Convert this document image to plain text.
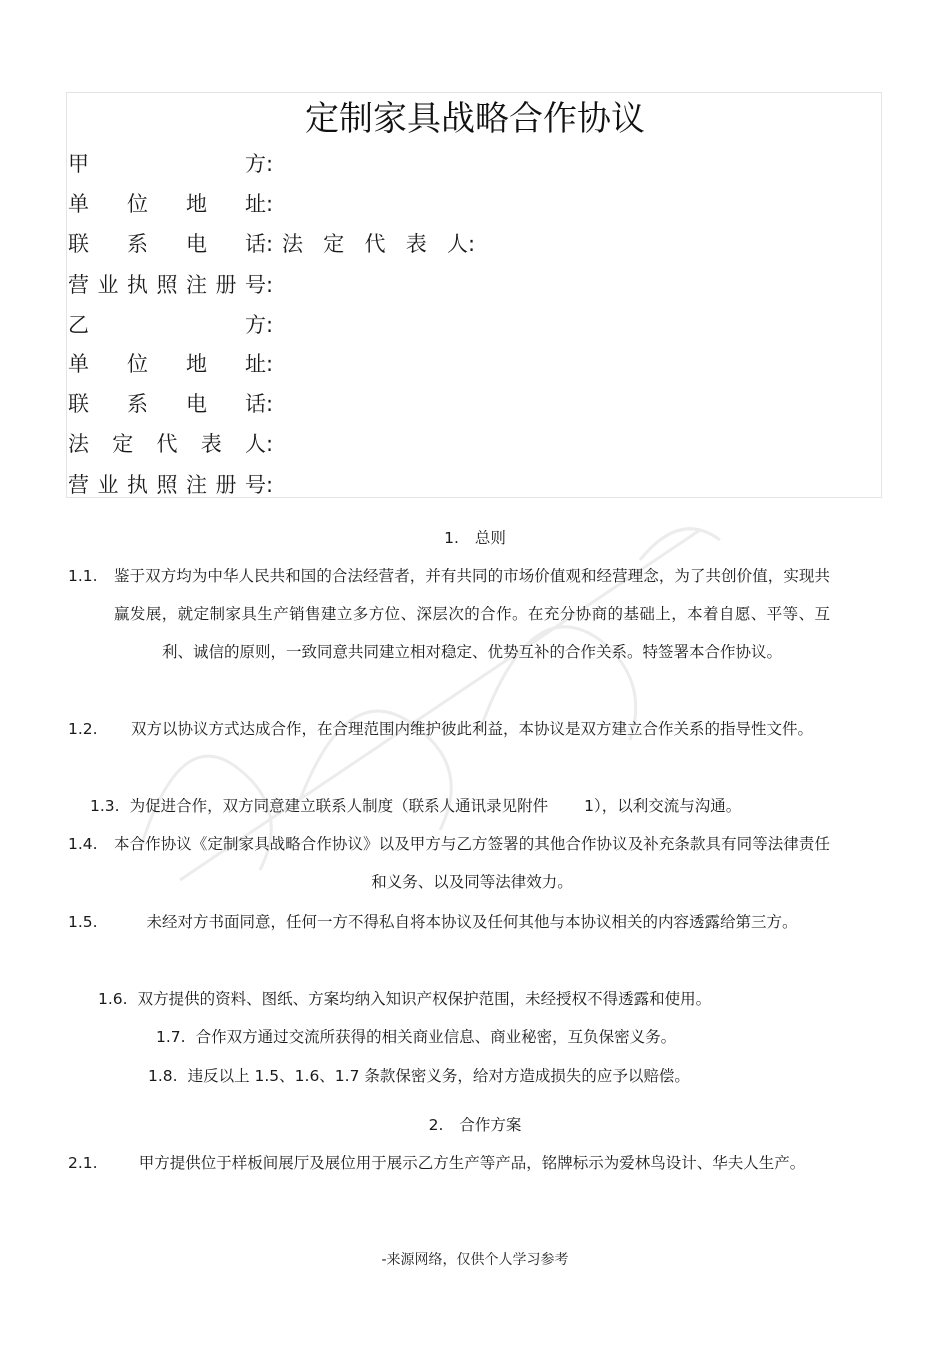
定制家具战略合作协议
甲方 :
单位地址 :
联系电话 : 法定代表人 :
营业执照注册号 :
乙方 :
单位地址 :
联系电话 :
法定代表人 :
营业执照注册号 :
1. 总则
1.1. 鉴于双方均为中华人民共和国的合法经营者，并有共同的市场价值观和经营理念，为了共创价值，实现共赢发展，就定制家具生产销售建立多方位、深层次的合作。在充分协商的基础上，本着自愿、平等、互利、诚信的原则，一致同意共同建立相对稳定、优势互补的合作关系。特签署本合作协议。
1.2.	双方以协议方式达成合作，在合理范围内维护彼此利益，本协议是双方建立合作关系的指导性文件。
1.3. 为促进合作，双方同意建立联系人制度（联系人通讯录见附件 1），以利交流与沟通。
1.4. 本合作协议《定制家具战略合作协议》以及甲方与乙方签署的其他合作协议及补充条款具有同等法律责任和义务、以及同等法律效力。
1.5.	未经对方书面同意，任何一方不得私自将本协议及任何其他与本协议相关的内容透露给第三方。
1.6. 双方提供的资料、图纸、方案均纳入知识产权保护范围，未经授权不得透露和使用。
1.7. 合作双方通过交流所获得的相关商业信息、商业秘密，互负保密义务。
1.8. 违反以上 1.5、1.6、1.7 条款保密义务，给对方造成损失的应予以赔偿。
2. 合作方案
2.1.	甲方提供位于样板间展厅及展位用于展示乙方生产等产品，铭牌标示为爱林鸟设计、华夫人生产。
-来源网络，仅供个人学习参考
